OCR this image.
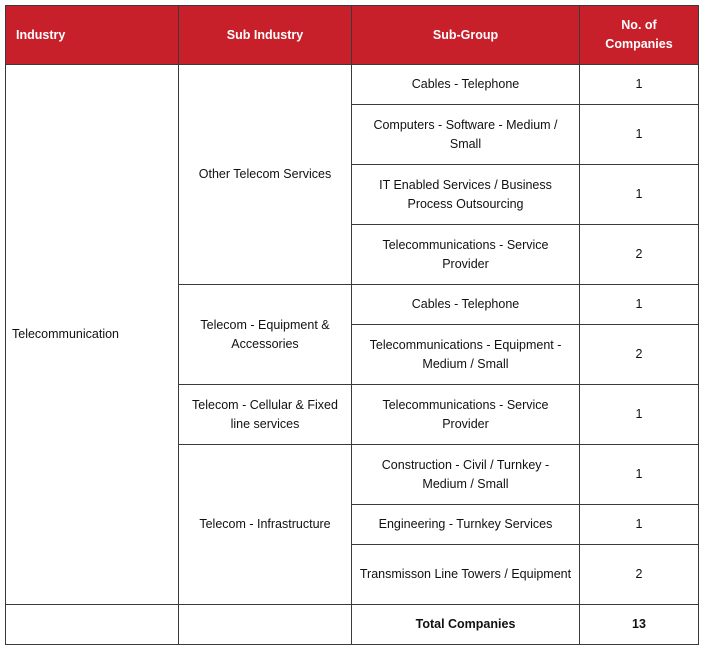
Industry	Sub Industry	Sub-Group	No. of Companies
Telecommunication	Other Telecom Services	Cables - Telephone	1
		Computers - Software - Medium / Small	1
		IT Enabled Services / Business Process Outsourcing	1
		Telecommunications - Service Provider	2
	Telecom - Equipment & Accessories	Cables - Telephone	1
		Telecommunications - Equipment - Medium / Small	2
	Telecom - Cellular & Fixed line services	Telecommunications - Service Provider	1
	Telecom - Infrastructure	Construction - Civil / Turnkey - Medium / Small	1
		Engineering - Turnkey Services	1
		Transmisson Line Towers / Equipment	2
		Total Companies	13
